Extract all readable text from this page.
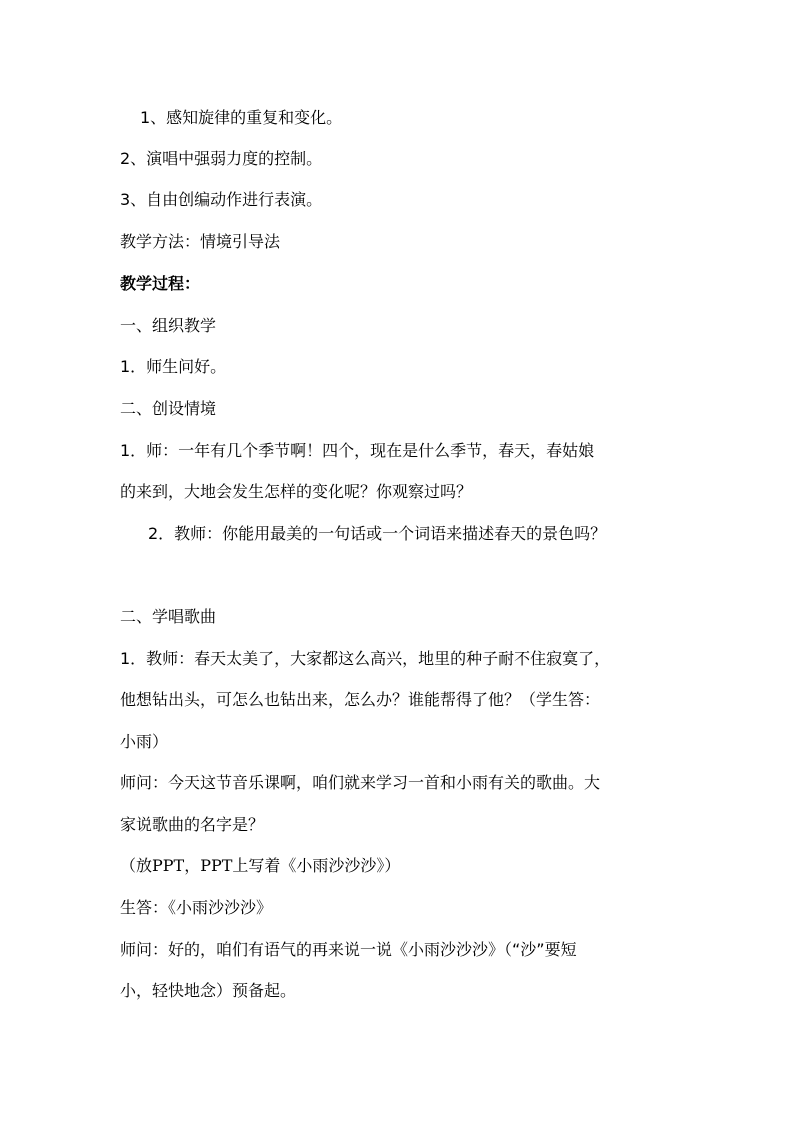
1、感知旋律的重复和变化。
2、演唱中强弱力度的控制。
3、自由创编动作进行表演。
教学方法：情境引导法
教学过程：
一、组织教学
1．师生问好。
二、创设情境
1．师：一年有几个季节啊！四个，现在是什么季节，春天，春姑娘
的来到，大地会发生怎样的变化呢？你观察过吗？
2．教师：你能用最美的一句话或一个词语来描述春天的景色吗？
二、学唱歌曲
1．教师：春天太美了，大家都这么高兴，地里的种子耐不住寂寞了，
他想钻出头，可怎么也钻出来，怎么办？谁能帮得了他？（学生答：
小雨）
师问：今天这节音乐课啊，咱们就来学习一首和小雨有关的歌曲。大
家说歌曲的名字是？
（放PPT，PPT上写着《小雨沙沙沙》）
生答：《小雨沙沙沙》
师问：好的，咱们有语气的再来说一说《小雨沙沙沙》（“沙”要短
小，轻快地念）预备起。
